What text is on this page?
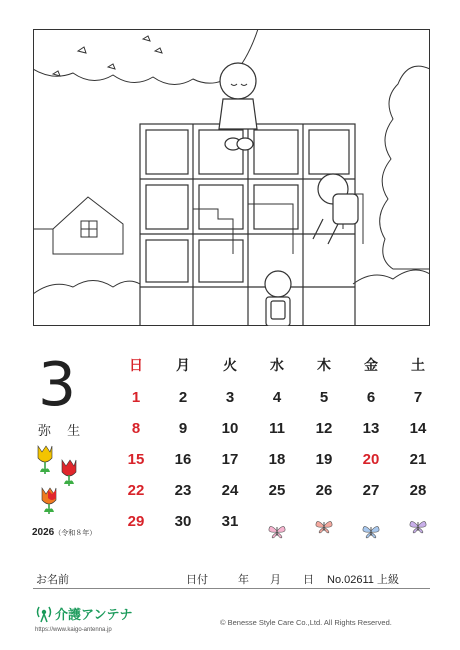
3
弥 生
2026（令和８年）
日	月	火	水	木	金	土
1	2	3	4	5	6	7
8	9	10	11	12	13	14
15	16	17	18	19	20	21
22	23	24	25	26	27	28
29	30	31
お名前	日付	年 月 日 No.02611 上級
介護アンテナ
https://www.kaigo-antenna.jp
© Benesse Style Care Co.,Ltd. All Rights Reserved.
